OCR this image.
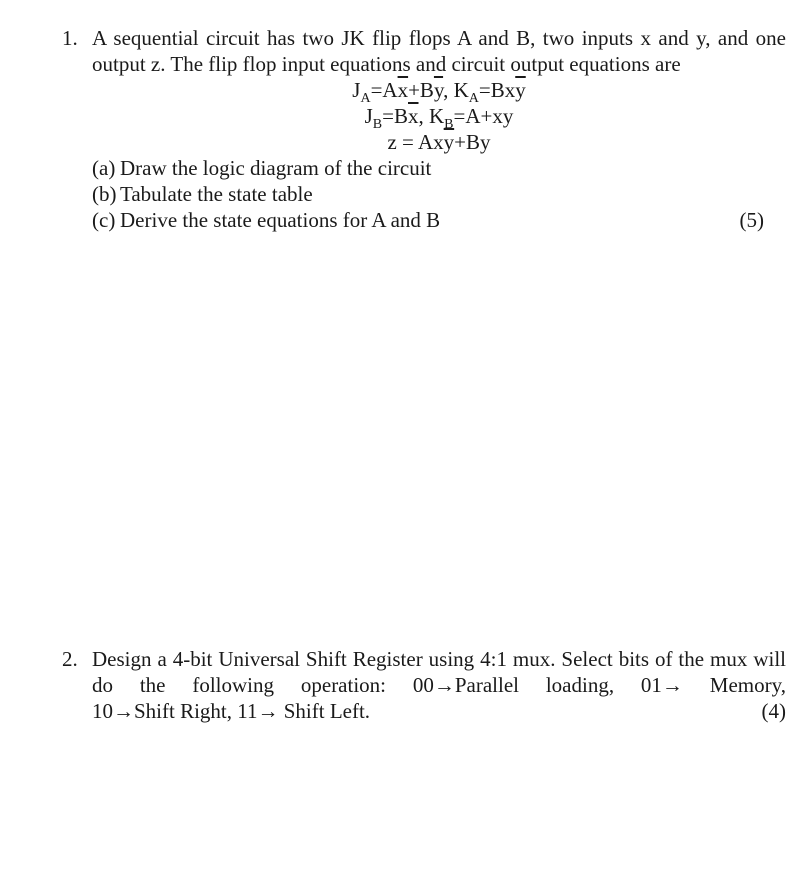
1. A sequential circuit has two JK flip flops A and B, two inputs x and y, and one output z. The flip flop input equations and circuit output equations are
$J_A=A\overline{x}+B\overline{y}$, $K_A=Bx\overline{y}$
$J_B=B\overline{x}$, $K_B=A+xy$
$z = Ax\overline{y}+By$
(a) Draw the logic diagram of the circuit
(b) Tabulate the state table
(c) Derive the state equations for A and B	(5)
2. Design a 4-bit Universal Shift Register using 4:1 mux. Select bits of the mux will do the following operation: 00→Parallel loading, 01→ Memory,
10→Shift Right, 11→ Shift Left.	(4)
